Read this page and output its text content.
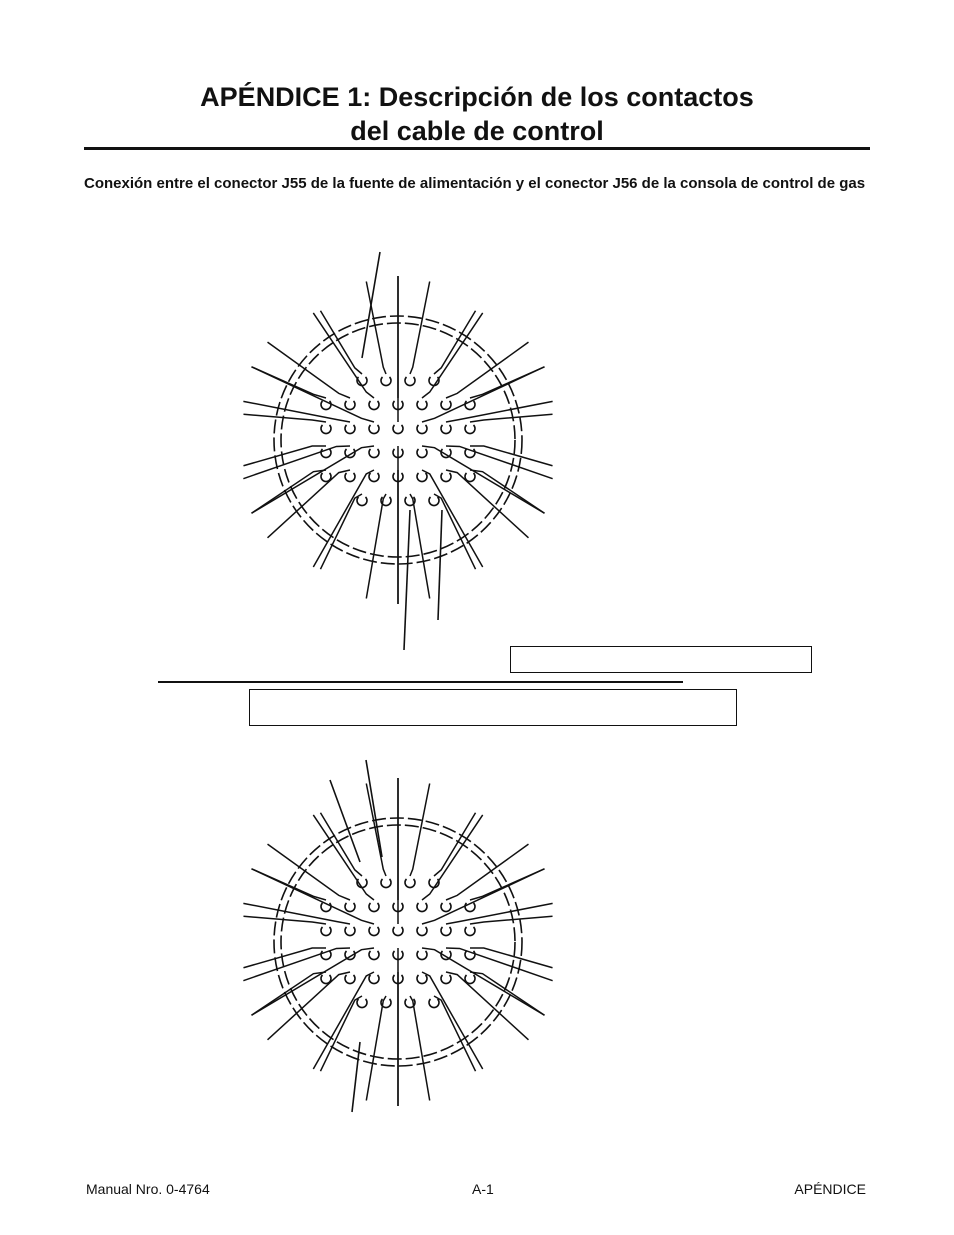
APÉNDICE 1: Descripción de los contactos
del cable de control
Conexión entre el conector J55 de la fuente de alimentación y el conector J56 de la consola de control de gas
Manual Nro. 0-4764	A-1	APÉNDICE
